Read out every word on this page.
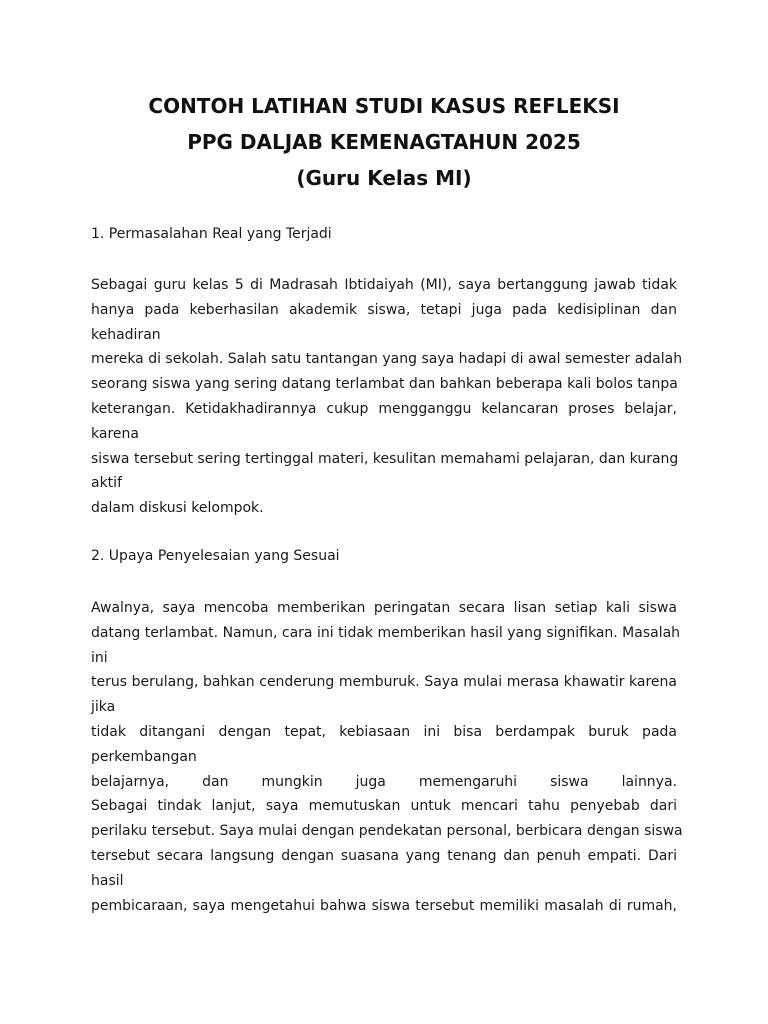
CONTOH LATIHAN STUDI KASUS REFLEKSI
PPG DALJAB KEMENAGTAHUN 2025
(Guru Kelas MI)
1. Permasalahan Real yang Terjadi
Sebagai guru kelas 5 di Madrasah Ibtidaiyah (MI), saya bertanggung jawab tidak
hanya pada keberhasilan akademik siswa, tetapi juga pada kedisiplinan dan
kehadiran
mereka di sekolah. Salah satu tantangan yang saya hadapi di awal semester adalah
seorang siswa yang sering datang terlambat dan bahkan beberapa kali bolos tanpa
keterangan. Ketidakhadirannya cukup mengganggu kelancaran proses belajar,
karena
siswa tersebut sering tertinggal materi, kesulitan memahami pelajaran, dan kurang
aktif
dalam diskusi kelompok.
2. Upaya Penyelesaian yang Sesuai
Awalnya, saya mencoba memberikan peringatan secara lisan setiap kali siswa
datang terlambat. Namun, cara ini tidak memberikan hasil yang signifikan. Masalah
ini
terus berulang, bahkan cenderung memburuk. Saya mulai merasa khawatir karena
jika
tidak ditangani dengan tepat, kebiasaan ini bisa berdampak buruk pada
perkembangan
belajarnya, dan mungkin juga memengaruhi siswa lainnya.
Sebagai tindak lanjut, saya memutuskan untuk mencari tahu penyebab dari
perilaku tersebut. Saya mulai dengan pendekatan personal, berbicara dengan siswa
tersebut secara langsung dengan suasana yang tenang dan penuh empati. Dari
hasil
pembicaraan, saya mengetahui bahwa siswa tersebut memiliki masalah di rumah,
